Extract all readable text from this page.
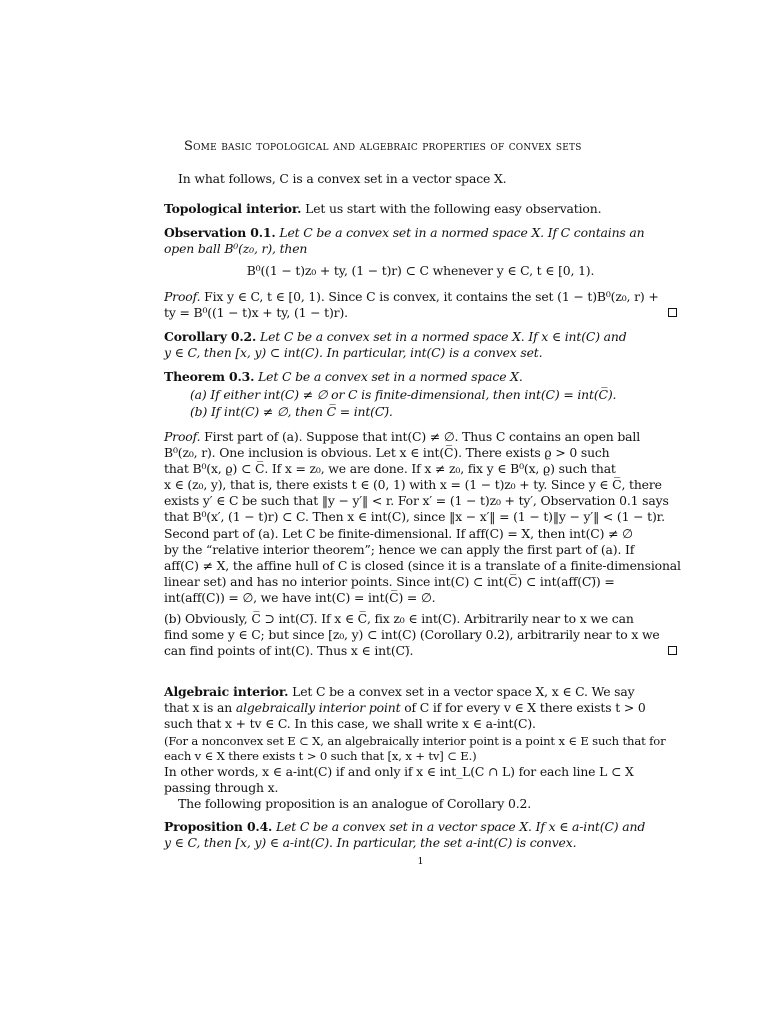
Some basic topological and algebraic properties of convex sets
In what follows, C is a convex set in a vector space X.
Topological interior. Let us start with the following easy observation.
Observation 0.1. Let C be a convex set in a normed space X. If C contains an
open ball B⁰(z₀, r), then
B⁰((1 − t)z₀ + ty, (1 − t)r) ⊂ C whenever y ∈ C, t ∈ [0, 1).
Proof. Fix y ∈ C, t ∈ [0, 1). Since C is convex, it contains the set (1 − t)B⁰(z₀, r) +
ty = B⁰((1 − t)x + ty, (1 − t)r).
Corollary 0.2. Let C be a convex set in a normed space X. If x ∈ int(C) and
y ∈ C, then [x, y) ⊂ int(C). In particular, int(C) is a convex set.
Theorem 0.3. Let C be a convex set in a normed space X.
(a) If either int(C) ≠ ∅ or C is finite-dimensional, then int(C) = int(C̅).
(b) If int(C) ≠ ∅, then C̅ = int(C)̅.
Proof. First part of (a). Suppose that int(C) ≠ ∅. Thus C contains an open ball
B⁰(z₀, r). One inclusion is obvious. Let x ∈ int(C̅). There exists ϱ > 0 such
that B⁰(x, ϱ) ⊂ C̅. If x = z₀, we are done. If x ≠ z₀, fix y ∈ B⁰(x, ϱ) such that
x ∈ (z₀, y), that is, there exists t ∈ (0, 1) with x = (1 − t)z₀ + ty. Since y ∈ C̅, there
exists y′ ∈ C be such that ‖y − y′‖ < r. For x′ = (1 − t)z₀ + ty′, Observation 0.1 says
that B⁰(x′, (1 − t)r) ⊂ C. Then x ∈ int(C), since ‖x − x′‖ = (1 − t)‖y − y′‖ < (1 − t)r.
Second part of (a). Let C be finite-dimensional. If aff(C) = X, then int(C) ≠ ∅
by the “relative interior theorem”; hence we can apply the first part of (a). If
aff(C) ≠ X, the affine hull of C is closed (since it is a translate of a finite-dimensional
linear set) and has no interior points. Since int(C) ⊂ int(C̅) ⊂ int(aff(C)̅) =
int(aff(C)) = ∅, we have int(C) = int(C̅) = ∅.
(b) Obviously, C̅ ⊃ int(C)̅. If x ∈ C̅, fix z₀ ∈ int(C). Arbitrarily near to x we can
find some y ∈ C; but since [z₀, y) ⊂ int(C) (Corollary 0.2), arbitrarily near to x we
can find points of int(C). Thus x ∈ int(C)̅.
Algebraic interior. Let C be a convex set in a vector space X, x ∈ C. We say
that x is an algebraically interior point of C if for every v ∈ X there exists t > 0
such that x + tv ∈ C. In this case, we shall write x ∈ a-int(C).
(For a nonconvex set E ⊂ X, an algebraically interior point is a point x ∈ E such that for
each v ∈ X there exists t > 0 such that [x, x + tv] ⊂ E.)
In other words, x ∈ a-int(C) if and only if x ∈ int_L(C ∩ L) for each line L ⊂ X
passing through x.
The following proposition is an analogue of Corollary 0.2.
Proposition 0.4. Let C be a convex set in a vector space X. If x ∈ a-int(C) and
y ∈ C, then [x, y) ∈ a-int(C). In particular, the set a-int(C) is convex.
1
